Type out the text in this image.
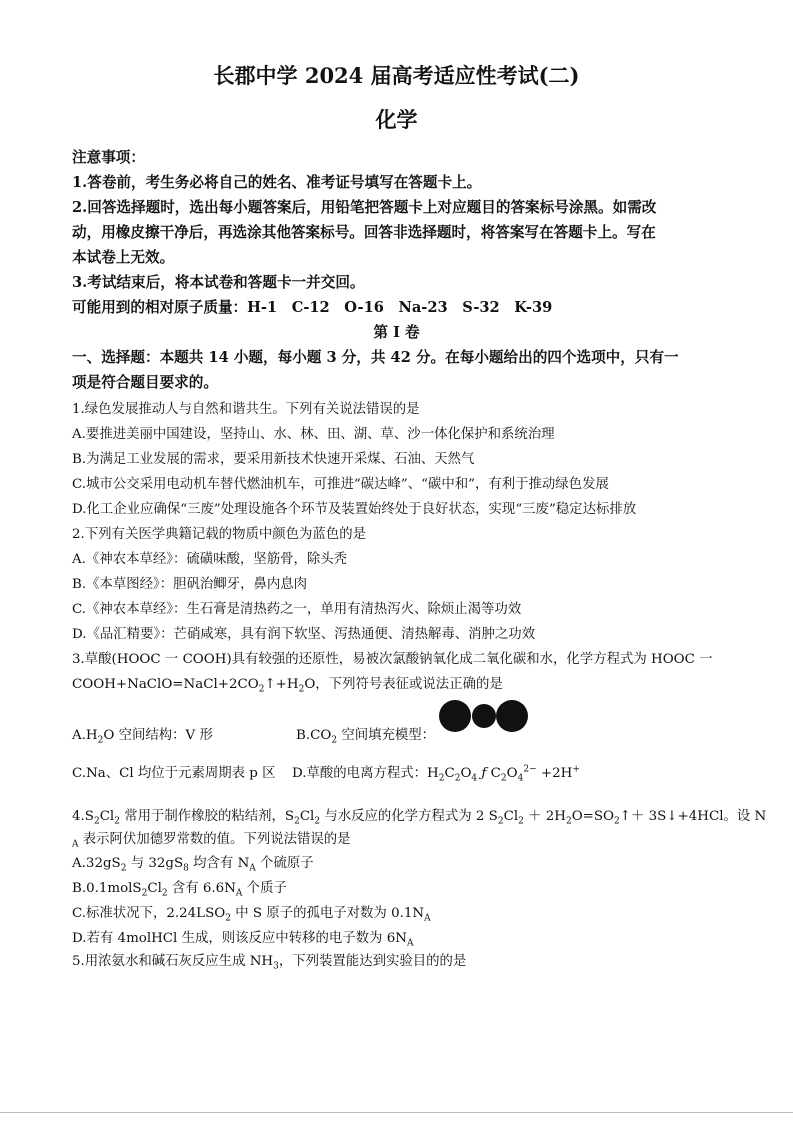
长郡中学 2024 届高考适应性考试(二)
化学
注意事项：
1.答卷前，考生务必将自己的姓名、准考证号填写在答题卡上。
2.回答选择题时，选出每小题答案后，用铅笔把答题卡上对应题目的答案标号涂黑。如需改
动，用橡皮擦干净后，再选涂其他答案标号。回答非选择题时，将答案写在答题卡上。写在
本试卷上无效。
3.考试结束后，将本试卷和答题卡一并交回。
可能用到的相对原子质量：H-1　C-12　O-16　Na-23　S-32　K-39
第 I 卷
一、选择题：本题共 14 小题，每小题 3 分，共 42 分。在每小题给出的四个选项中，只有一
项是符合题目要求的。
1.绿色发展推动人与自然和谐共生。下列有关说法错误的是
A.要推进美丽中国建设，坚持山、水、林、田、湖、草、沙一体化保护和系统治理
B.为满足工业发展的需求，要采用新技术快速开采煤、石油、天然气
C.城市公交采用电动机车替代燃油机车，可推进“碳达峰”、“碳中和”，有利于推动绿色发展
D.化工企业应确保“三废”处理设施各个环节及装置始终处于良好状态，实现“三废”稳定达标排放
2.下列有关医学典籍记载的物质中颜色为蓝色的是
A.《神农本草经》：硫磺味酸，坚筋骨，除头秃
B.《本草图经》：胆矾治鲫牙，鼻内息肉
C.《神农本草经》：生石膏是清热药之一，单用有清热泻火、除烦止渴等功效
D.《品汇精要》：芒硝咸寒，具有润下软坚、泻热通便、清热解毒、消肿之功效
3.草酸(HOOC 一 COOH)具有较强的还原性，易被次氯酸钠氧化成二氧化碳和水，化学方程式为 HOOC 一
$COOH+NaClO=NaCl+2CO_2↑+H_2O$，下列符号表征或说法正确的是
$A.H_2O$ 空间结构：V 形	$B.CO_2$ 空间填充模型：
C.Na、Cl 均位于元素周期表 p 区 D.草酸的电离方程式：$H_2C_2O_4$ ƒ $C_2O_4^{2-} +2H^+$
$4.S_2Cl_2$ 常用于制作橡胶的粘结剂，$S_2Cl_2$ 与水反应的化学方程式为 2 $S_2Cl_2$ ＋ $2H_2O=SO_2↑+$ 3S↓+4HCl。设 N
$_A$ 表示阿伏加德罗常数的值。下列说法错误的是
$A.32gS_2$ 与 $32gS_8$ 均含有 $N_A$ 个硫原子
$B.0.1molS_2Cl_2$ 含有 $6.6N_A$ 个质子
C.标准状况下，$2.24LSO_2$ 中 S 原子的孤电子对数为 $0.1N_A$
D.若有 4molHCl 生成，则该反应中转移的电子数为 $6N_A$
5.用浓氨水和碱石灰反应生成 $NH_3$，下列装置能达到实验目的的是
